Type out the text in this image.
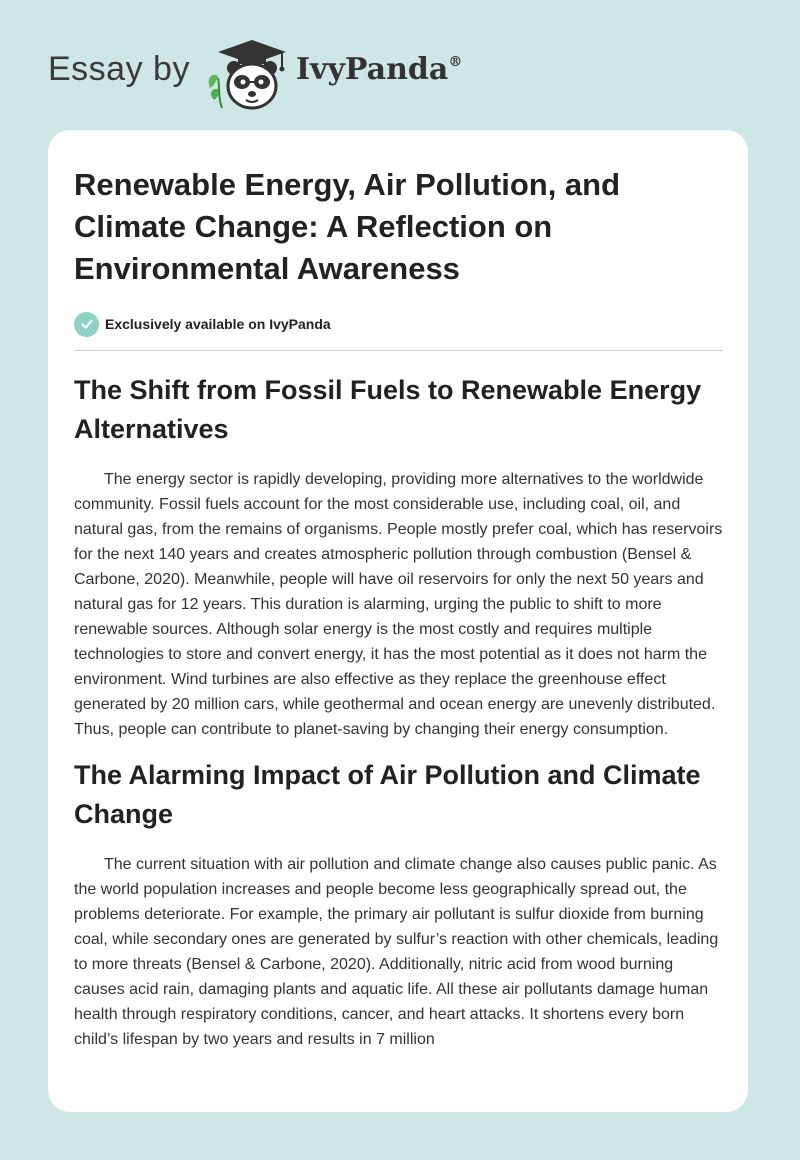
Essay by	IvyPanda®
Renewable Energy, Air Pollution, and Climate Change: A Reflection on Environmental Awareness
Exclusively available on IvyPanda
The Shift from Fossil Fuels to Renewable Energy Alternatives

The energy sector is rapidly developing, providing more alternatives to the worldwide community. Fossil fuels account for the most considerable use, including coal, oil, and natural gas, from the remains of organisms. People mostly prefer coal, which has reservoirs for the next 140 years and creates atmospheric pollution through combustion (Bensel & Carbone, 2020). Meanwhile, people will have oil reservoirs for only the next 50 years and natural gas for 12 years. This duration is alarming, urging the public to shift to more renewable sources. Although solar energy is the most costly and requires multiple technologies to store and convert energy, it has the most potential as it does not harm the environment. Wind turbines are also effective as they replace the greenhouse effect generated by 20 million cars, while geothermal and ocean energy are unevenly distributed. Thus, people can contribute to planet-saving by changing their energy consumption.

The Alarming Impact of Air Pollution and Climate Change

The current situation with air pollution and climate change also causes public panic. As the world population increases and people become less geographically spread out, the problems deteriorate. For example, the primary air pollutant is sulfur dioxide from burning coal, while secondary ones are generated by sulfur’s reaction with other chemicals, leading to more threats (Bensel & Carbone, 2020). Additionally, nitric acid from wood burning causes acid rain, damaging plants and aquatic life. All these air pollutants damage human health through respiratory conditions, cancer, and heart attacks. It shortens every born child’s lifespan by two years and results in 7 million
